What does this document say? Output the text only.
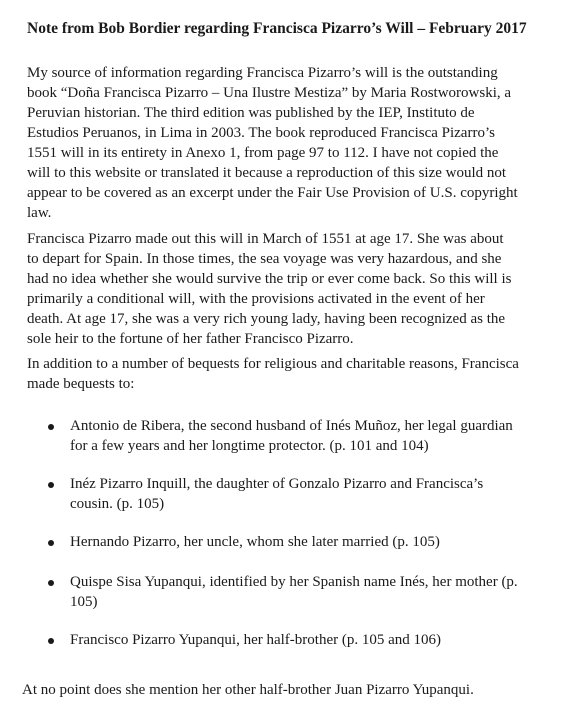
Note from Bob Bordier regarding Francisca Pizarro’s Will – February 2017

My source of information regarding Francisca Pizarro’s will is the outstanding
book “Doña Francisca Pizarro – Una Ilustre Mestiza” by Maria Rostworowski, a
Peruvian historian. The third edition was published by the IEP, Instituto de
Estudios Peruanos, in Lima in 2003. The book reproduced Francisca Pizarro’s
1551 will in its entirety in Anexo 1, from page 97 to 112. I have not copied the
will to this website or translated it because a reproduction of this size would not
appear to be covered as an excerpt under the Fair Use Provision of U.S. copyright
law.

Francisca Pizarro made out this will in March of 1551 at age 17. She was about
to depart for Spain. In those times, the sea voyage was very hazardous, and she
had no idea whether she would survive the trip or ever come back. So this will is
primarily a conditional will, with the provisions activated in the event of her
death. At age 17, she was a very rich young lady, having been recognized as the
sole heir to the fortune of her father Francisco Pizarro.

In addition to a number of bequests for religious and charitable reasons, Francisca
made bequests to:

Antonio de Ribera, the second husband of Inés Muñoz, her legal guardian
for a few years and her longtime protector. (p. 101 and 104)
Inéz Pizarro Inquill, the daughter of Gonzalo Pizarro and Francisca’s
cousin. (p. 105)
Hernando Pizarro, her uncle, whom she later married (p. 105)
Quispe Sisa Yupanqui, identified by her Spanish name Inés, her mother (p.
105)
Francisco Pizarro Yupanqui, her half-brother (p. 105 and 106)
At no point does she mention her other half-brother Juan Pizarro Yupanqui.
